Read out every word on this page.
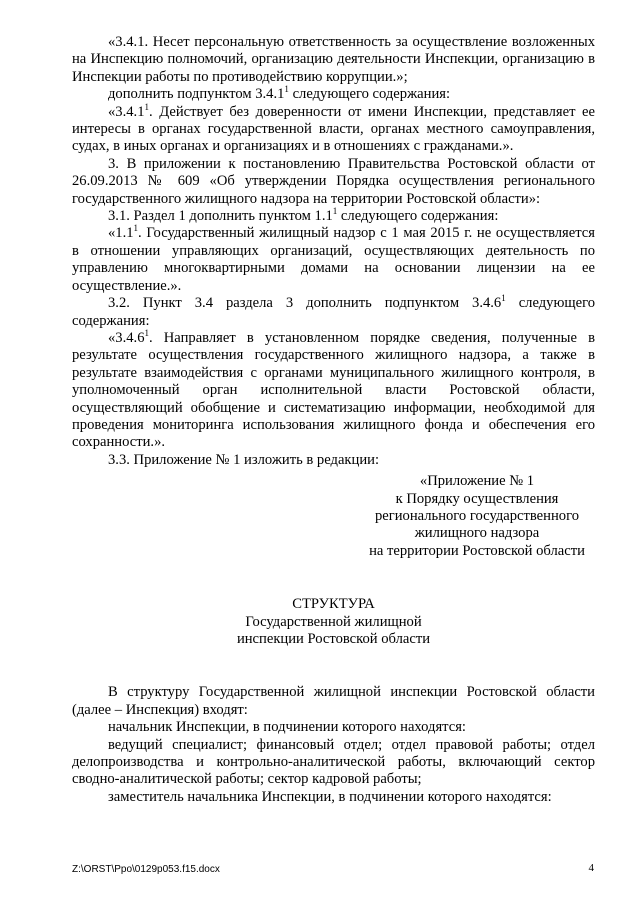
«3.4.1. Несет персональную ответственность за осуществление возложенных на Инспекцию полномочий, организацию деятельности Инспекции, организацию в Инспекции работы по противодействию коррупции.»;

дополнить подпунктом 3.4.1$^1$ следующего содержания:

«3.4.1$^1$. Действует без доверенности от имени Инспекции, представляет ее интересы в органах государственной власти, органах местного самоуправления, судах, в иных органах и организациях и в отношениях с гражданами.».

3. В приложении к постановлению Правительства Ростовской области от 26.09.2013 № 609 «Об утверждении Порядка осуществления регионального государственного жилищного надзора на территории Ростовской области»:

3.1. Раздел 1 дополнить пунктом $1.1^1$ следующего содержания:

«$1.1^1$. Государственный жилищный надзор с 1 мая 2015 г. не осуществляется в отношении управляющих организаций, осуществляющих деятельность по управлению многоквартирными домами на основании лицензии на ее осуществление.».

3.2. Пункт 3.4 раздела 3 дополнить подпунктом 3.4.6$^1$ следующего содержания:

«3.4.6$^1$. Направляет в установленном порядке сведения, полученные в результате осуществления государственного жилищного надзора, а также в результате взаимодействия с органами муниципального жилищного контроля, в уполномоченный орган исполнительной власти Ростовской области, осуществляющий обобщение и систематизацию информации, необходимой для проведения мониторинга использования жилищного фонда и обеспечения его сохранности.».

3.3. Приложение № 1 изложить в редакции:

«Приложение № 1
к Порядку осуществления
регионального государственного
жилищного надзора
на территории Ростовской области
СТРУКТУРА
Государственной жилищной
инспекции Ростовской области

В структуру Государственной жилищной инспекции Ростовской области (далее – Инспекция) входят:

начальник Инспекции, в подчинении которого находятся:

ведущий специалист; финансовый отдел; отдел правовой работы; отдел делопроизводства и контрольно-аналитической работы, включающий сектор сводно-аналитической работы; сектор кадровой работы;

заместитель начальника Инспекции, в подчинении которого находятся:

Z:\ORST\Ppo\0129p053.f15.docx	4
